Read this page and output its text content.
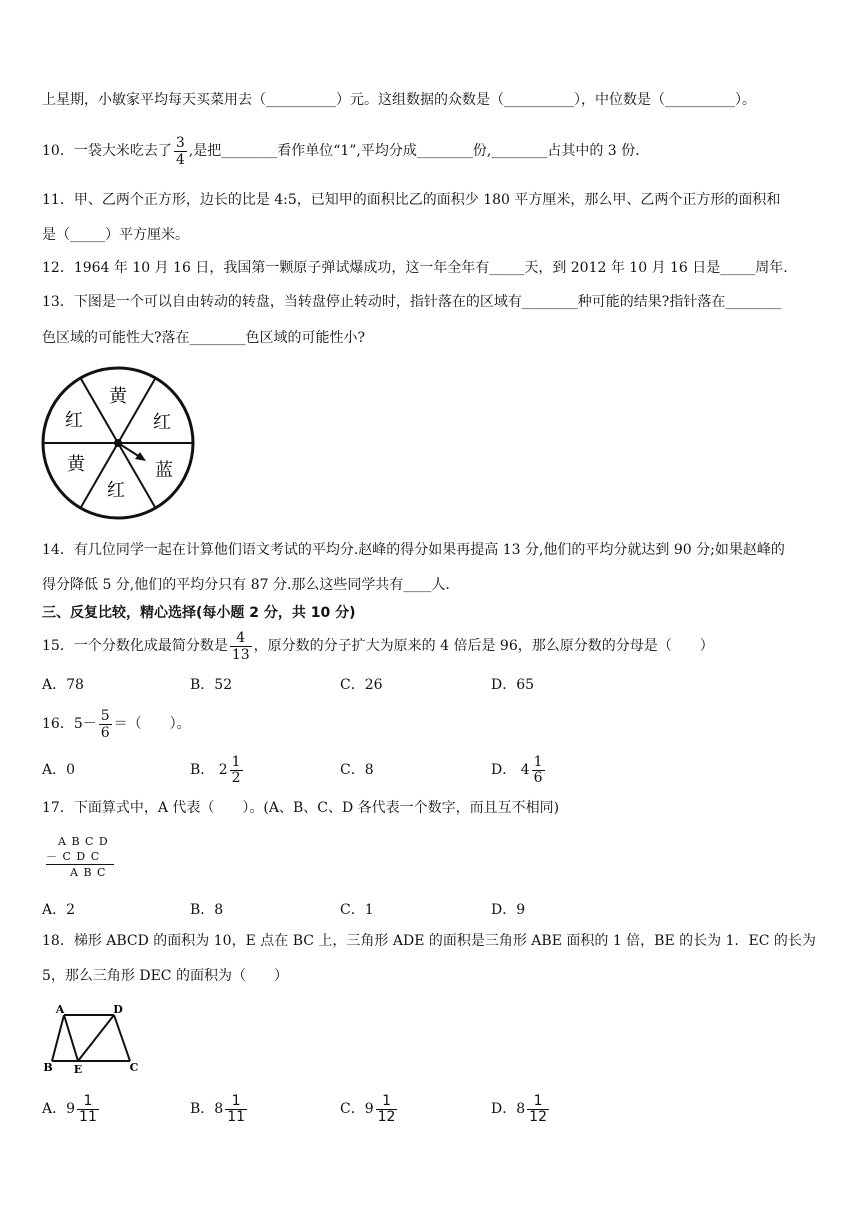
上星期，小敏家平均每天买菜用去（__________）元。这组数据的众数是（__________），中位数是（__________）。
10．一袋大米吃去了 $\frac{3}{4}$ ,是把________看作单位“1”,平均分成________份,________占其中的 3 份.
11．甲、乙两个正方形，边长的比是 4:5，已知甲的面积比乙的面积少 180 平方厘米，那么甲、乙两个正方形的面积和
是（_____）平方厘米。
12．1964 年 10 月 16 日，我国第一颗原子弹试爆成功，这一年全年有_____天，到 2012 年 10 月 16 日是_____周年.
13．下图是一个可以自由转动的转盘，当转盘停止转动时，指针落在的区域有________种可能的结果?指针落在________
色区域的可能性大?落在________色区域的可能性小?
黄
红
蓝
红
黄
红
14．有几位同学一起在计算他们语文考试的平均分.赵峰的得分如果再提高 13 分,他们的平均分就达到 90 分;如果赵峰的
得分降低 5 分,他们的平均分只有 87 分.那么这些同学共有____人.
三、反复比较，精心选择(每小题 2 分，共 10 分)
15．一个分数化成最简分数是 $\frac{4}{13}$ ，原分数的分子扩大为原来的 4 倍后是 96，那么原分数的分母是（　　）
A．78	B．52	C．26	D．65
16．$5- \frac{5}{6}$ ＝（　　）。
A．0	B． $2 \frac{1}{2}$	C．8	D． $4 \frac{1}{6}$
17．下面算式中，A 代表（　　）。(A、B、C、D 各代表一个数字，而且互不相同)
A B C D
－ C D C
A B C
A．2	B．8	C．1	D．9
18．梯形 ABCD 的面积为 10，E 点在 BC 上，三角形 ADE 的面积是三角形 ABE 面积的 1 倍，BE 的长为 1．EC 的长为
5，那么三角形 DEC 的面积为（　　）
A	D
B E	C
A．$9 \frac{1}{11}$	B．$8 \frac{1}{11}$	C．$9 \frac{1}{12}$	D．$8 \frac{1}{12}$
